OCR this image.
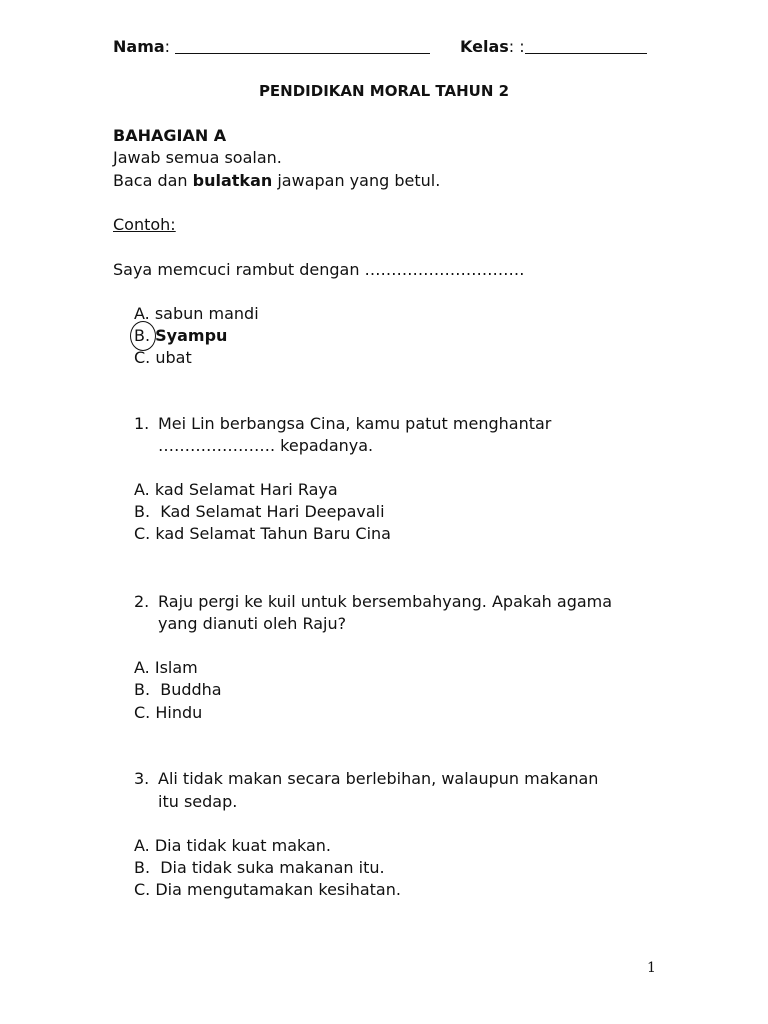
Nama:	Kelas: :
PENDIDIKAN MORAL TAHUN 2
BAHAGIAN A
Jawab semua soalan.
Baca dan bulatkan jawapan yang betul.
Contoh:
Saya memcuci rambut dengan …………………………
A. sabun mandi
B. Syampu
C. ubat
1. Mei Lin berbangsa Cina, kamu patut menghantar
…………………. kepadanya.
A. kad Selamat Hari Raya
B. Kad Selamat Hari Deepavali
C. kad Selamat Tahun Baru Cina
2. Raju pergi ke kuil untuk bersembahyang. Apakah agama
yang dianuti oleh Raju?
A. Islam
B. Buddha
C. Hindu
3. Ali tidak makan secara berlebihan, walaupun makanan
itu sedap.
A. Dia tidak kuat makan.
B. Dia tidak suka makanan itu.
C. Dia mengutamakan kesihatan.
1
